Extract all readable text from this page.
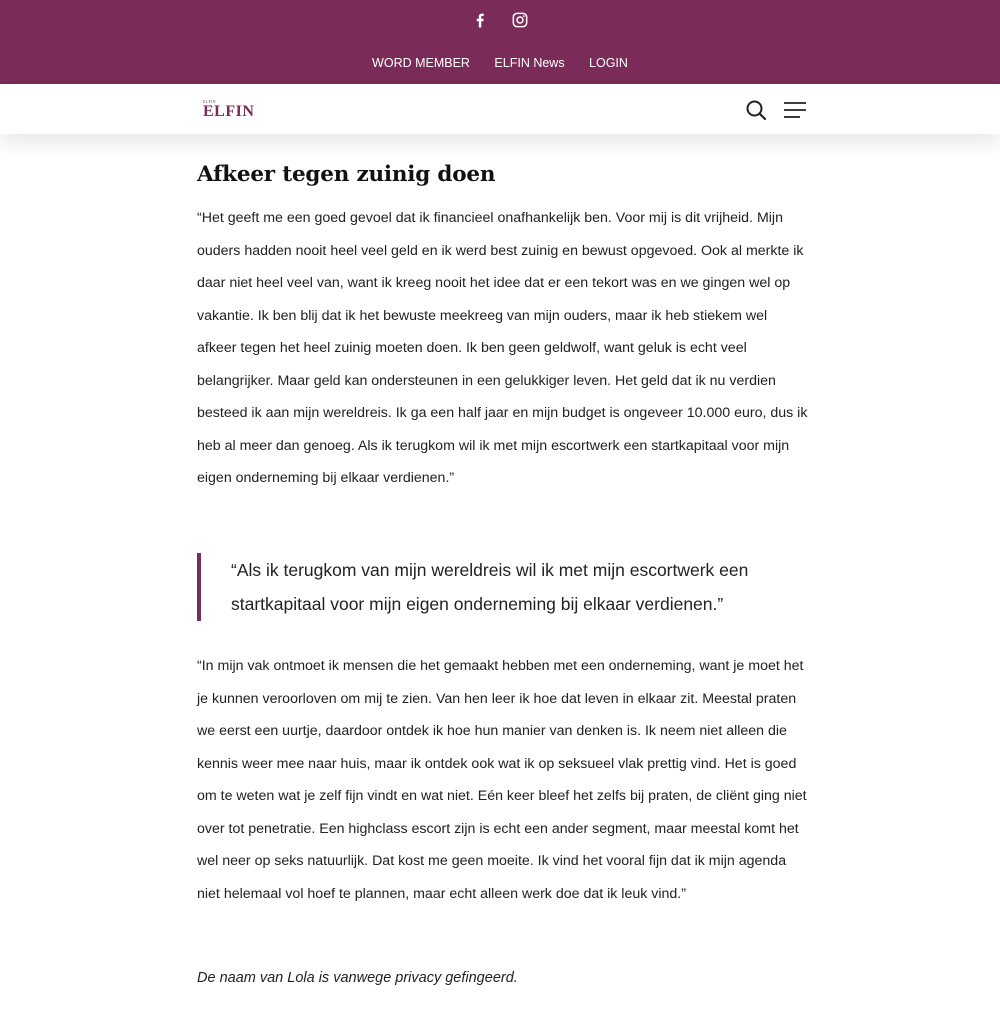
WORD MEMBER ELFIN News LOGIN
ELFIN
ELFIN
Afkeer tegen zuinig doen

“Het geeft me een goed gevoel dat ik financieel onafhankelijk ben. Voor mij is dit vrijheid. Mijn ouders hadden nooit heel veel geld en ik werd best zuinig en bewust opgevoed. Ook al merkte ik daar niet heel veel van, want ik kreeg nooit het idee dat er een tekort was en we gingen wel op vakantie. Ik ben blij dat ik het bewuste meekreeg van mijn ouders, maar ik heb stiekem wel afkeer tegen het heel zuinig moeten doen. Ik ben geen geldwolf, want geluk is echt veel belangrijker. Maar geld kan ondersteunen in een gelukkiger leven. Het geld dat ik nu verdien besteed ik aan mijn wereldreis. Ik ga een half jaar en mijn budget is ongeveer 10.000 euro, dus ik heb al meer dan genoeg. Als ik terugkom wil ik met mijn escortwerk een startkapitaal voor mijn eigen onderneming bij elkaar verdienen.”

“Als ik terugkom van mijn wereldreis wil ik met mijn escortwerk een startkapitaal voor mijn eigen onderneming bij elkaar verdienen.”

“In mijn vak ontmoet ik mensen die het gemaakt hebben met een onderneming, want je moet het je kunnen veroorloven om mij te zien. Van hen leer ik hoe dat leven in elkaar zit. Meestal praten we eerst een uurtje, daardoor ontdek ik hoe hun manier van denken is. Ik neem niet alleen die kennis weer mee naar huis, maar ik ontdek ook wat ik op seksueel vlak prettig vind. Het is goed om te weten wat je zelf fijn vindt en wat niet. Eén keer bleef het zelfs bij praten, de cliënt ging niet over tot penetratie. Een highclass escort zijn is echt een ander segment, maar meestal komt het wel neer op seks natuurlijk. Dat kost me geen moeite. Ik vind het vooral fijn dat ik mijn agenda niet helemaal vol hoef te plannen, maar echt alleen werk doe dat ik leuk vind.”

De naam van Lola is vanwege privacy gefingeerd.
